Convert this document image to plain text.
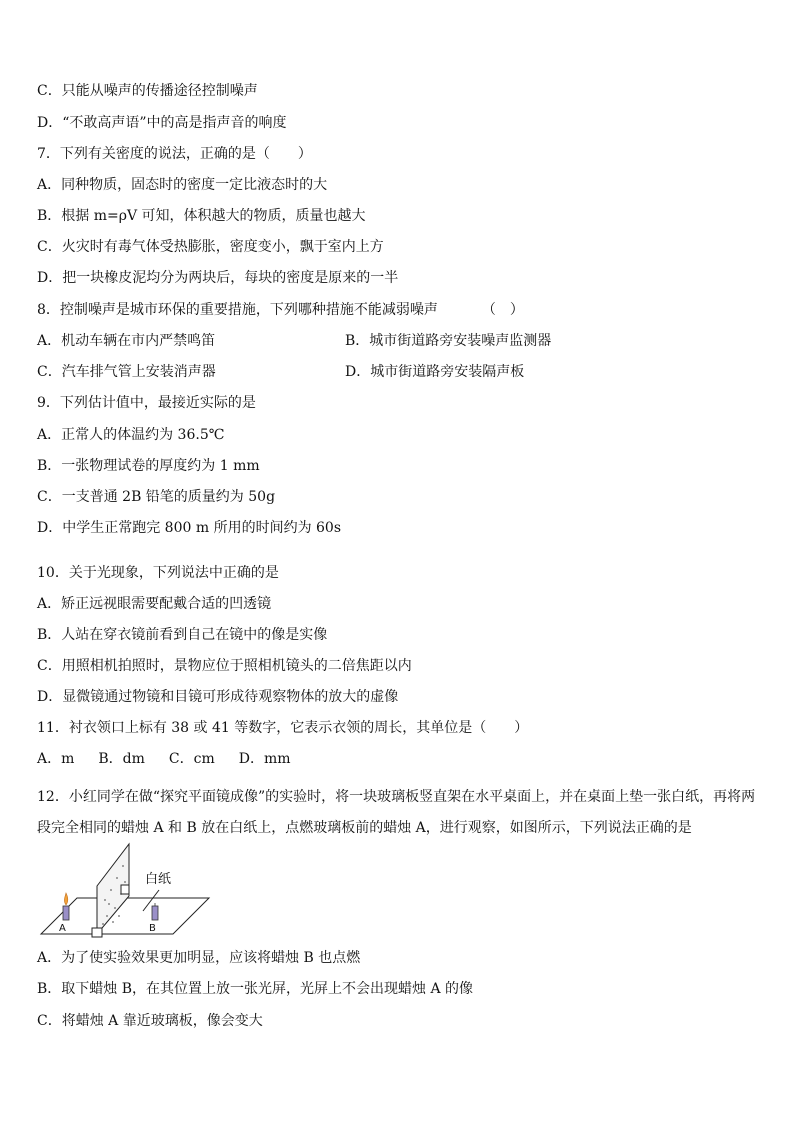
C．只能从噪声的传播途径控制噪声
D．“不敢高声语”中的高是指声音的响度
7．下列有关密度的说法，正确的是（　　）
A．同种物质，固态时的密度一定比液态时的大
B．根据 m=ρV 可知，体积越大的物质，质量也越大
C．火灾时有毒气体受热膨胀，密度变小，飘于室内上方
D．把一块橡皮泥均分为两块后，每块的密度是原来的一半
8．控制噪声是城市环保的重要措施，下列哪种措施不能减弱噪声	（　）
A．机动车辆在市内严禁鸣笛	B．城市街道路旁安装噪声监测器
C．汽车排气管上安装消声器	D．城市街道路旁安装隔声板
9．下列估计值中，最接近实际的是
A．正常人的体温约为 36.5℃
B．一张物理试卷的厚度约为 1 mm
C．一支普通 2B 铅笔的质量约为 50g
D．中学生正常跑完 800 m 所用的时间约为 60s
10．关于光现象，下列说法中正确的是
A．矫正远视眼需要配戴合适的凹透镜
B．人站在穿衣镜前看到自己在镜中的像是实像
C．用照相机拍照时，景物应位于照相机镜头的二倍焦距以内
D．显微镜通过物镜和目镜可形成待观察物体的放大的虚像
11．衬衣领口上标有 38 或 41 等数字，它表示衣领的周长，其单位是（　　）
A．m B．dm C．cm D．mm
12．小红同学在做“探究平面镜成像”的实验时，将一块玻璃板竖直架在水平桌面上，并在桌面上垫一张白纸，再将两段完全相同的蜡烛 A 和 B 放在白纸上，点燃玻璃板前的蜡烛 A，进行观察，如图所示，下列说法正确的是
白纸
A	B
A．为了使实验效果更加明显，应该将蜡烛 B 也点燃
B．取下蜡烛 B，在其位置上放一张光屏，光屏上不会出现蜡烛 A 的像
C．将蜡烛 A 靠近玻璃板，像会变大
